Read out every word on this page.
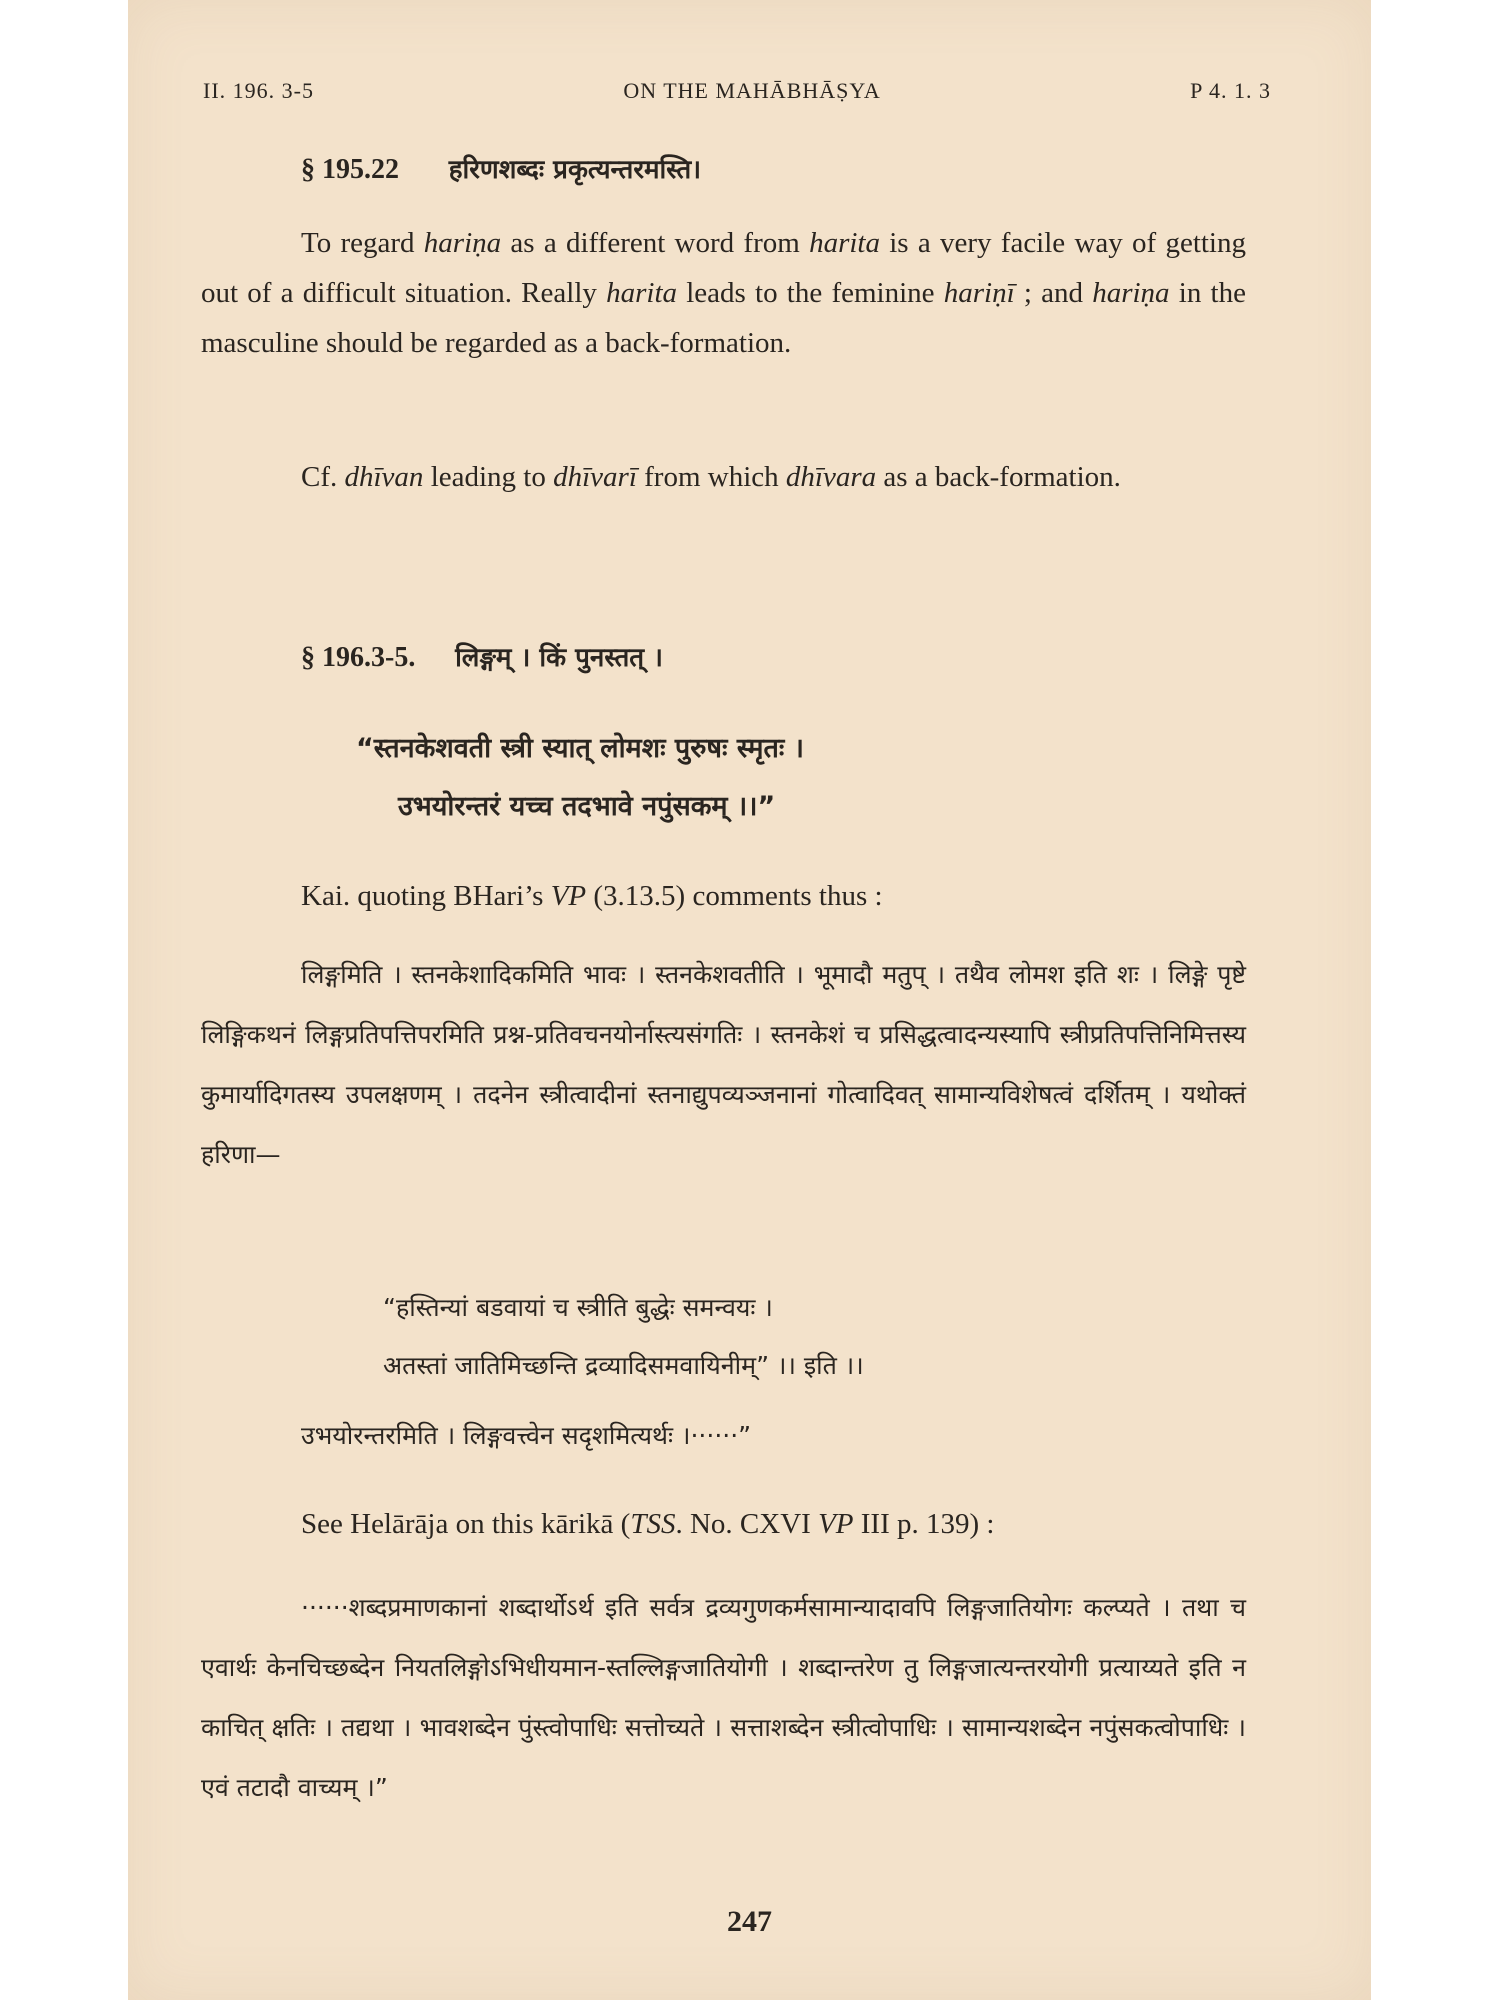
II. 196. 3-5	ON THE MAHĀBHĀṢYA	P 4. 1. 3
§ 195.22 हरिणशब्दः प्रकृत्यन्तरमस्ति।

To regard hariṇa as a different word from harita is a very facile way of getting out of a difficult situation. Really harita leads to the feminine hariṇī ; and hariṇa in the masculine should be regarded as a back-formation.

Cf. dhīvan leading to dhīvarī from which dhīvara as a back-formation.

§ 196.3-5. लिङ्गम् । किं पुनस्तत् ।
“स्तनकेशवती स्त्री स्यात् लोमशः पुरुषः स्मृतः ।
उभयोरन्तरं यच्च तदभावे नपुंसकम् ।।”
Kai. quoting BHari’s VP (3.13.5) comments thus :

लिङ्गमिति । स्तनकेशादिकमिति भावः । स्तनकेशवतीति । भूमादौ मतुप् । तथैव लोमश इति शः । लिङ्गे पृष्टे लिङ्गिकथनं लिङ्गप्रतिपत्तिपरमिति प्रश्न-प्रतिवचनयोर्नास्त्यसंगतिः । स्तनकेशं च प्रसिद्धत्वादन्यस्यापि स्त्रीप्रतिपत्तिनिमित्तस्य कुमार्यादिगतस्य उपलक्षणम् । तदनेन स्त्रीत्वादीनां स्तनाद्युपव्यञ्जनानां गोत्वादिवत् सामान्यविशेषत्वं दर्शितम् । यथोक्तं हरिणा—

“हस्तिन्यां बडवायां च स्त्रीति बुद्धेः समन्वयः ।
अतस्तां जातिमिच्छन्ति द्रव्यादिसमवायिनीम्” ।। इति ।।
उभयोरन्तरमिति । लिङ्गवत्त्वेन सदृशमित्यर्थः ।······”
See Helārāja on this kārikā (TSS. No. CXVI VP III p. 139) :

······शब्दप्रमाणकानां शब्दार्थोऽर्थ इति सर्वत्र द्रव्यगुणकर्मसामान्यादावपि लिङ्गजातियोगः कल्प्यते । तथा च एवार्थः केनचिच्छब्देन नियतलिङ्गोऽभिधीयमान-स्तल्लिङ्गजातियोगी । शब्दान्तरेण तु लिङ्गजात्यन्तरयोगी प्रत्याय्यते इति न काचित् क्षतिः । तद्यथा । भावशब्देन पुंस्त्वोपाधिः सत्तोच्यते । सत्ताशब्देन स्त्रीत्वोपाधिः । सामान्यशब्देन नपुंसकत्वोपाधिः । एवं तटादौ वाच्यम् ।”

247
